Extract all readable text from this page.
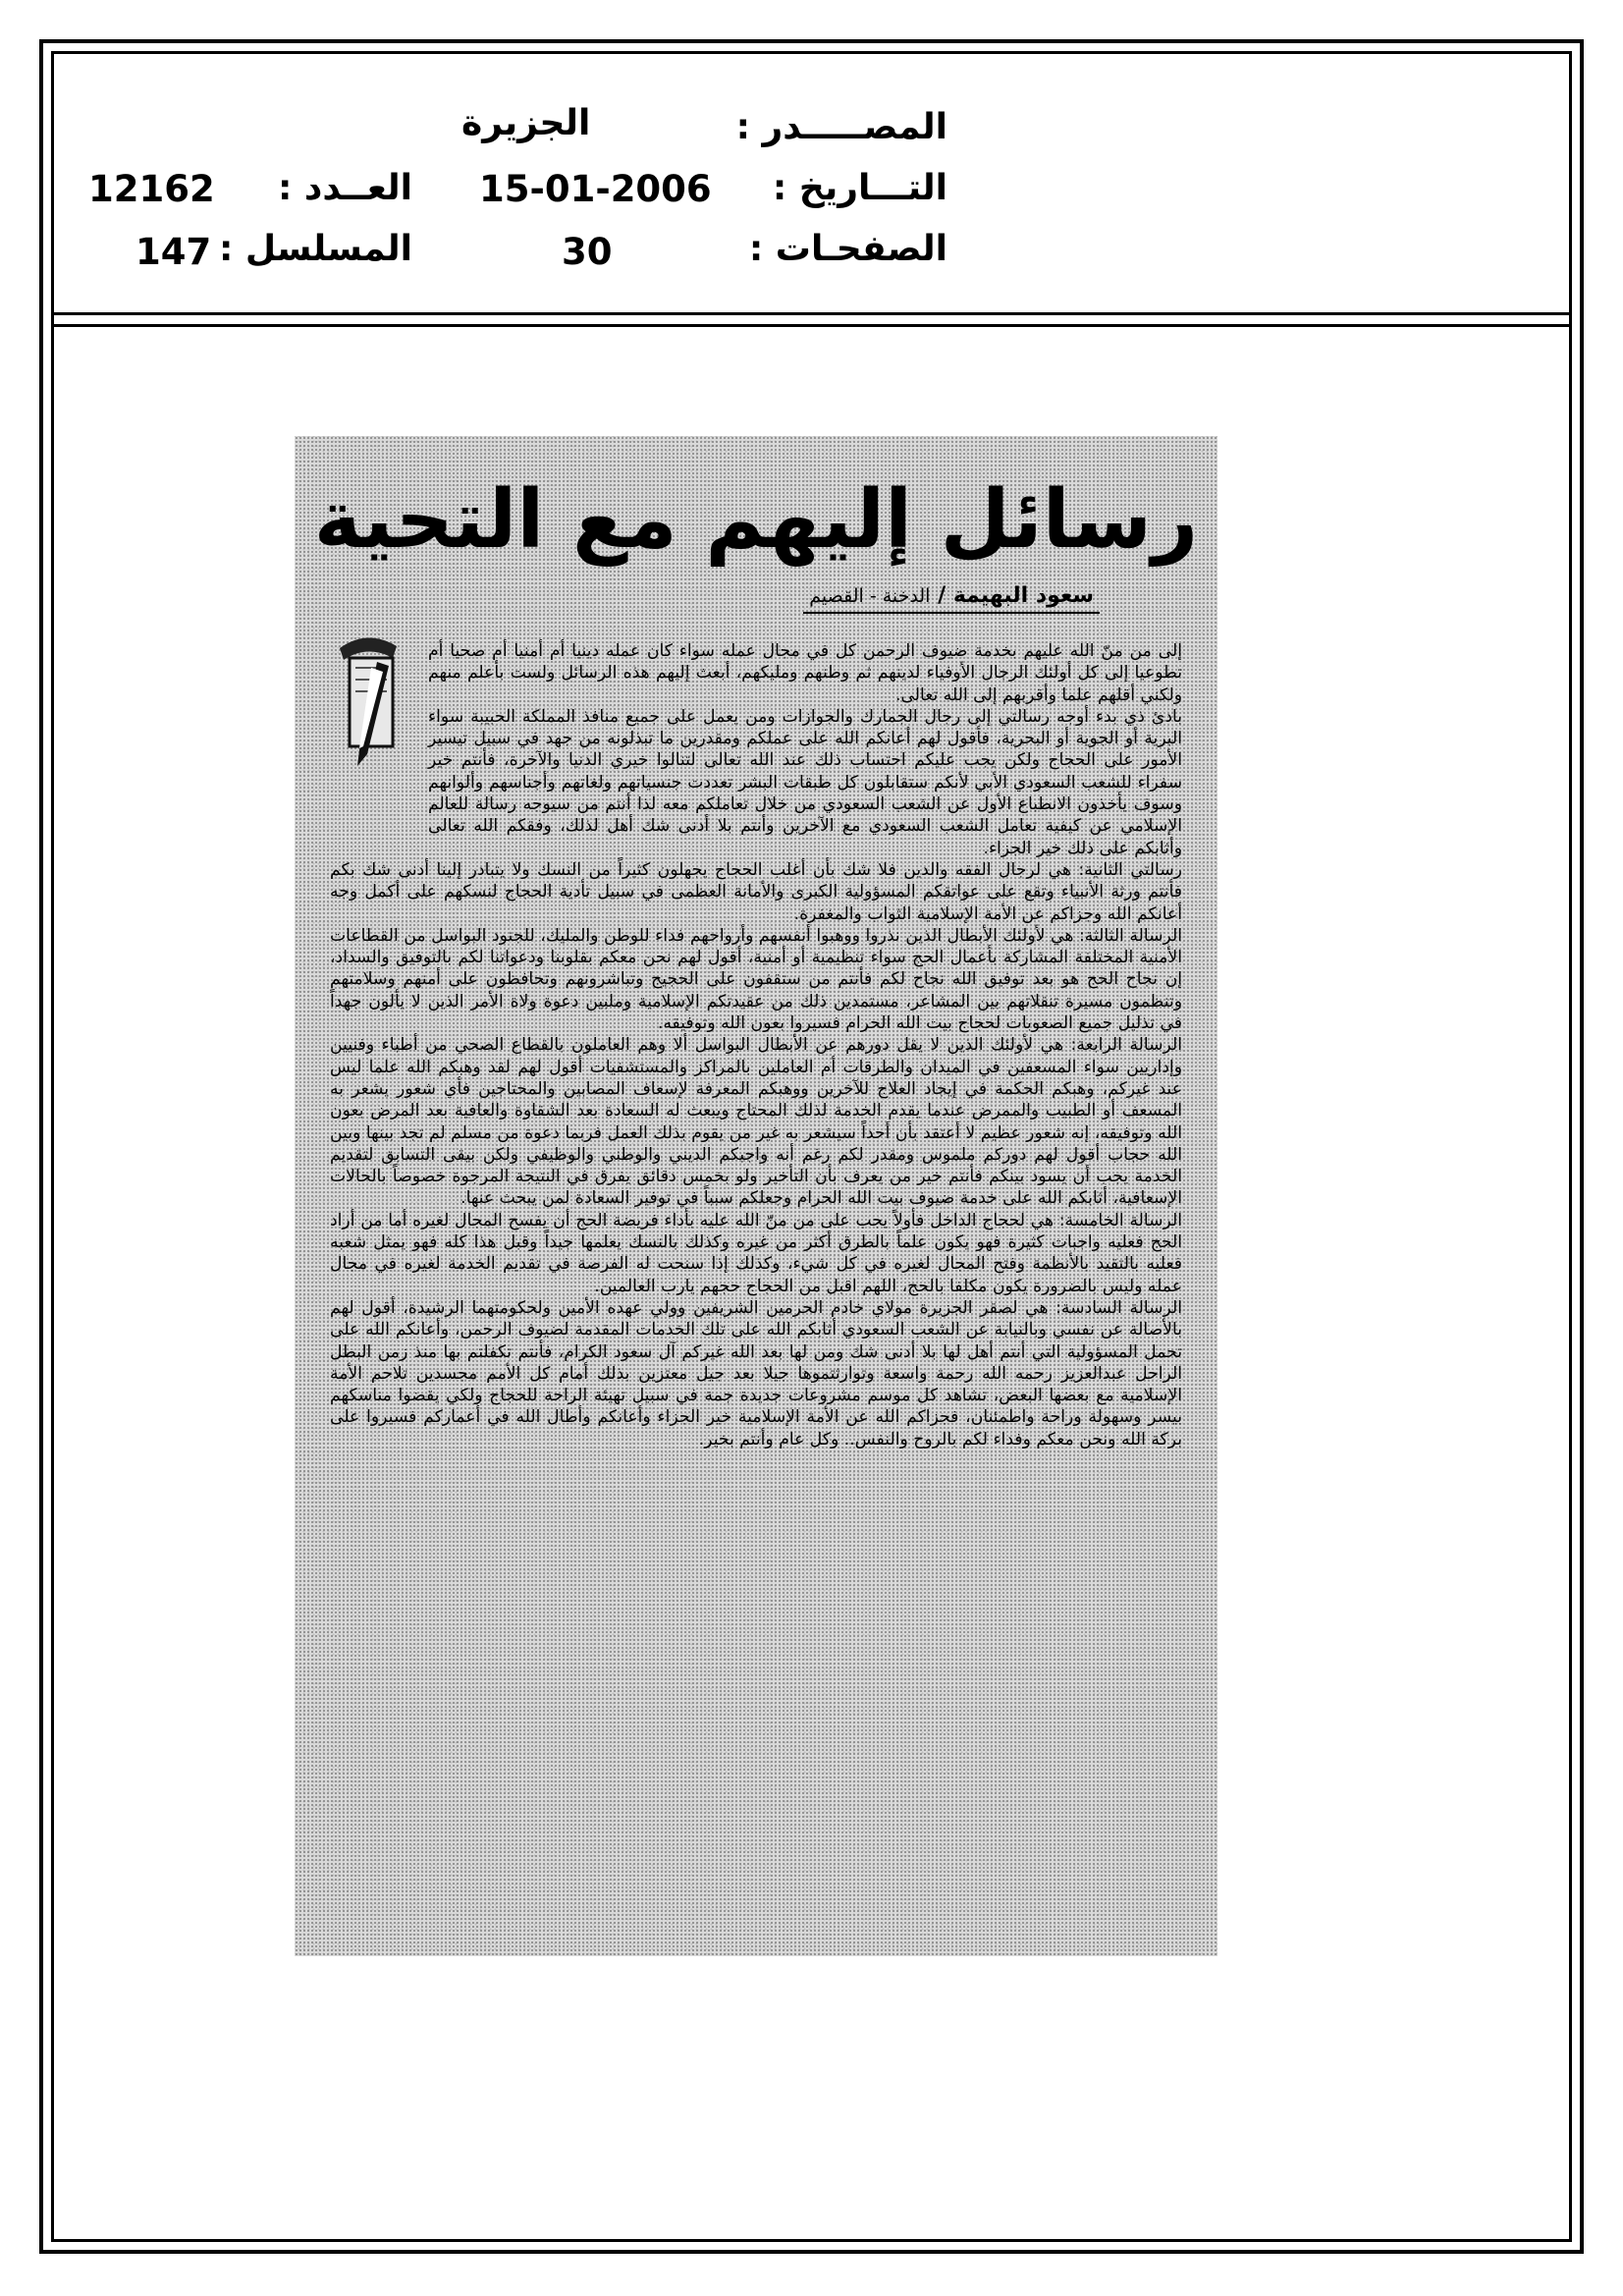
الجزيرة	المصـــــدر :
15-01-2006 التـــاريخ :
30	الصفحـات :
12162	العــدد :
147 المسلسل :
رسائل إليهم مع التحية
سعود البهيمة / الدخنة - القصيم

إلى من منّ الله عليهم بخدمة ضيوف الرحمن كل في مجال عمله سواء كان عمله دينيا أم أمنيا أم صحيا أم تطوعيا إلى كل أولئك الرجال الأوفياء لدينهم ثم وطنهم ومليكهم، أبعث إليهم هذه الرسائل ولست بأعلم منهم ولكني أقلهم علما وأقربهم إلى الله تعالى.

بادئ ذي بدء أوجه رسالتي إلى رجال الجمارك والجوازات ومن يعمل على جميع منافذ المملكة الحبيبة سواء البرية أو الجوية أو البحرية، فأقول لهم أعانكم الله على عملكم ومقدرين ما تبذلونه من جهد في سبيل تيسير الأمور على الحجاج ولكن يجب عليكم احتساب ذلك عند الله تعالى لتنالوا خيري الدنيا والآخرة، فأنتم خير سفراء للشعب السعودي الأبي لأنكم ستقابلون كل طبقات البشر تعددت جنسياتهم ولغاتهم وأجناسهم وألوانهم وسوف يأخذون الانطباع الأول عن الشعب السعودي من خلال تعاملكم معه لذا أنتم من سيوجه رسالة للعالم الإسلامي عن كيفية تعامل الشعب السعودي مع الآخرين وأنتم بلا أدنى شك أهل لذلك، وفقكم الله تعالى وأثابكم على ذلك خير الجزاء.

رسالتي الثانية: هي لرجال الفقه والدين فلا شك بأن أغلب الحجاج يجهلون كثيراً من النسك ولا يتبادر إلينا أدنى شك بكم فأنتم ورثة الأنبياء وتقع على عواتقكم المسؤولية الكبرى والأمانة العظمى في سبيل تأدية الحجاج لنسكهم على أكمل وجه أعانكم الله وجزاكم عن الأمة الإسلامية الثواب والمغفرة.

الرسالة الثالثة: هي لأولئك الأبطال الذين نذروا ووهبوا أنفسهم وأرواحهم فداء للوطن والمليك، للجنود البواسل من القطاعات الأمنية المختلفة المشاركة بأعمال الحج سواء تنظيمية أو أمنية، أقول لهم نحن معكم بقلوبنا ودعواتنا لكم بالتوفيق والسداد، إن نجاح الحج هو بعد توفيق الله نجاح لكم فأنتم من ستقفون على الحجيج وتباشرونهم وتحافظون على أمنهم وسلامتهم وتنظمون مسيرة تنقلاتهم بين المشاعر، مستمدين ذلك من عقيدتكم الإسلامية وملبين دعوة ولاة الأمر الذين لا يألون جهداً في تذليل جميع الصعوبات لحجاج بيت الله الحرام فسيروا بعون الله وتوفيقه.

الرسالة الرابعة: هي لأولئك الذين لا يقل دورهم عن الأبطال البواسل ألا وهم العاملون بالقطاع الصحي من أطباء وفنيين وإداريين سواء المسعفين في الميدان والطرقات أم العاملين بالمراكز والمستشفيات أقول لهم لقد وهبكم الله علما ليس عند غيركم، وهبكم الحكمة في إيجاد العلاج للآخرين ووهبكم المعرفة لإسعاف المصابين والمحتاجين فأي شعور يشعر به المسعف أو الطبيب والممرض عندما يقدم الخدمة لذلك المحتاج ويبعث له السعادة بعد الشقاوة والعافية بعد المرض بعون الله وتوفيقه، إنه شعور عظيم لا أعتقد بأن أحداً سيشعر به غير من يقوم بذلك العمل فربما دعوة من مسلم لم تجد بينها وبين الله حجاب أقول لهم دوركم ملموس ومقدر لكم رغم أنه واجبكم الديني والوطني والوظيفي ولكن بيقى التسابق لتقديم الخدمة يجب أن يسود بينكم فأنتم خير من يعرف بأن التأخير ولو بخمس دقائق يفرق في النتيجة المرجوة خصوصاً بالحالات الإسعافية، أثابكم الله على خدمة ضيوف بيت الله الحرام وجعلكم سبباً في توفير السعادة لمن يبحث عنها.

الرسالة الخامسة: هي لحجاج الداخل فأولاً يجب على من منّ الله عليه بأداء فريضة الحج أن يفسح المجال لغيره أما من أراد الحج فعليه واجبات كثيرة فهو يكون علماً بالطرق أكثر من غيره وكذلك بالنسك يعلمها جيداً وقبل هذا كله فهو يمثل شعبه فعليه بالتقيد بالأنظمة وفتح المجال لغيره في كل شيء، وكذلك إذا سنحت له الفرصة في تقديم الخدمة لغيره في مجال عمله وليس بالضرورة يكون مكلفا بالحج، اللهم اقبل من الحجاج حجهم يارب العالمين.

الرسالة السادسة: هي لصقر الجزيرة مولاي خادم الحرمين الشريفين وولي عهده الأمين ولحكومتهما الرشيدة، أقول لهم بالأصالة عن نفسي وبالنيابة عن الشعب السعودي أثابكم الله على تلك الخدمات المقدمة لضيوف الرحمن، وأعانكم الله على تحمل المسؤولية التي أنتم أهل لها بلا أدنى شك ومن لها بعد الله غيركم آل سعود الكرام، فأنتم تكفلتم بها منذ زمن البطل الراحل عبدالعزيز رحمه الله رحمة واسعة وتوارثتموها جيلا بعد جيل معتزين بذلك أمام كل الأمم مجسدين تلاحم الأمة الإسلامية مع بعضها البعض، تشاهد كل موسم مشروعات جديدة جمة في سبيل تهيئة الراحة للحجاج ولكي يقضوا مناسكهم بيسر وسهولة وراحة واطمئنان، فجزاكم الله عن الأمة الإسلامية خير الجزاء وأعانكم وأطال الله في أعماركم فسيروا على بركة الله ونحن معكم وفداء لكم بالروح والنفس.. وكل عام وأنتم بخير.
